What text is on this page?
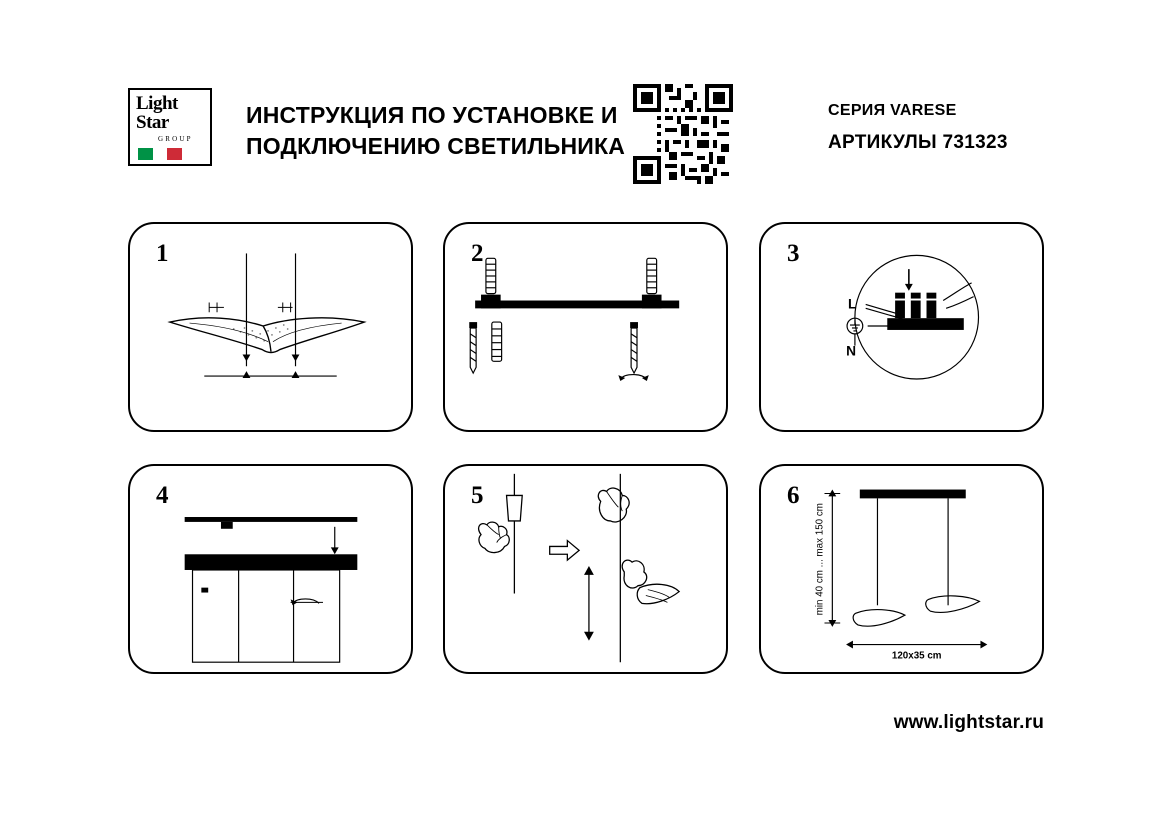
Light
Star
GROUP
ИНСТРУКЦИЯ ПО УСТАНОВКЕ И
ПОДКЛЮЧЕНИЮ СВЕТИЛЬНИКА
СЕРИЯ VARESE
АРТИКУЛЫ 731323
1	2	3
L
N
4	5	6
min 40 cm ... max 150 cm
120x35 cm
www.lightstar.ru
